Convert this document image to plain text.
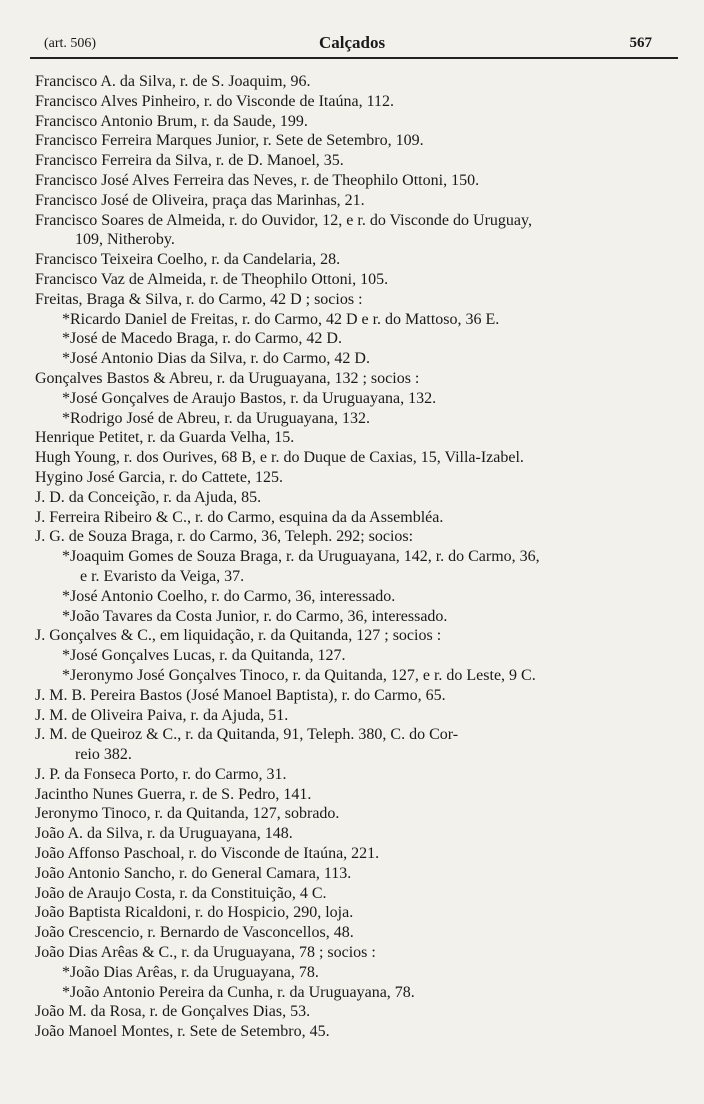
(art. 506)	Calçados	567

Francisco A. da Silva, r. de S. Joaquim, 96.

Francisco Alves Pinheiro, r. do Visconde de Itaúna, 112.

Francisco Antonio Brum, r. da Saude, 199.

Francisco Ferreira Marques Junior, r. Sete de Setembro, 109.

Francisco Ferreira da Silva, r. de D. Manoel, 35.

Francisco José Alves Ferreira das Neves, r. de Theophilo Ottoni, 150.

Francisco José de Oliveira, praça das Marinhas, 21.

Francisco Soares de Almeida, r. do Ouvidor, 12, e r. do Visconde do Uruguay,

109, Nitheroby.

Francisco Teixeira Coelho, r. da Candelaria, 28.

Francisco Vaz de Almeida, r. de Theophilo Ottoni, 105.

Freitas, Braga & Silva, r. do Carmo, 42 D ; socios :

*Ricardo Daniel de Freitas, r. do Carmo, 42 D e r. do Mattoso, 36 E.

*José de Macedo Braga, r. do Carmo, 42 D.

*José Antonio Dias da Silva, r. do Carmo, 42 D.

Gonçalves Bastos & Abreu, r. da Uruguayana, 132 ; socios :

*José Gonçalves de Araujo Bastos, r. da Uruguayana, 132.

*Rodrigo José de Abreu, r. da Uruguayana, 132.

Henrique Petitet, r. da Guarda Velha, 15.

Hugh Young, r. dos Ourives, 68 B, e r. do Duque de Caxias, 15, Villa-Izabel.

Hygino José Garcia, r. do Cattete, 125.

J. D. da Conceição, r. da Ajuda, 85.

J. Ferreira Ribeiro & C., r. do Carmo, esquina da da Assembléa.

J. G. de Souza Braga, r. do Carmo, 36, Teleph. 292; socios:

*Joaquim Gomes de Souza Braga, r. da Uruguayana, 142, r. do Carmo, 36,

e r. Evaristo da Veiga, 37.

*José Antonio Coelho, r. do Carmo, 36, interessado.

*João Tavares da Costa Junior, r. do Carmo, 36, interessado.

J. Gonçalves & C., em liquidação, r. da Quitanda, 127 ; socios :

*José Gonçalves Lucas, r. da Quitanda, 127.

*Jeronymo José Gonçalves Tinoco, r. da Quitanda, 127, e r. do Leste, 9 C.

J. M. B. Pereira Bastos (José Manoel Baptista), r. do Carmo, 65.

J. M. de Oliveira Paiva, r. da Ajuda, 51.

J. M. de Queiroz & C., r. da Quitanda, 91, Teleph. 380, C. do Cor-

reio 382.

J. P. da Fonseca Porto, r. do Carmo, 31.

Jacintho Nunes Guerra, r. de S. Pedro, 141.

Jeronymo Tinoco, r. da Quitanda, 127, sobrado.

João A. da Silva, r. da Uruguayana, 148.

João Affonso Paschoal, r. do Visconde de Itaúna, 221.

João Antonio Sancho, r. do General Camara, 113.

João de Araujo Costa, r. da Constituição, 4 C.

João Baptista Ricaldoni, r. do Hospicio, 290, loja.

João Crescencio, r. Bernardo de Vasconcellos, 48.

João Dias Arêas & C., r. da Uruguayana, 78 ; socios :

*João Dias Arêas, r. da Uruguayana, 78.

*João Antonio Pereira da Cunha, r. da Uruguayana, 78.

João M. da Rosa, r. de Gonçalves Dias, 53.

João Manoel Montes, r. Sete de Setembro, 45.
